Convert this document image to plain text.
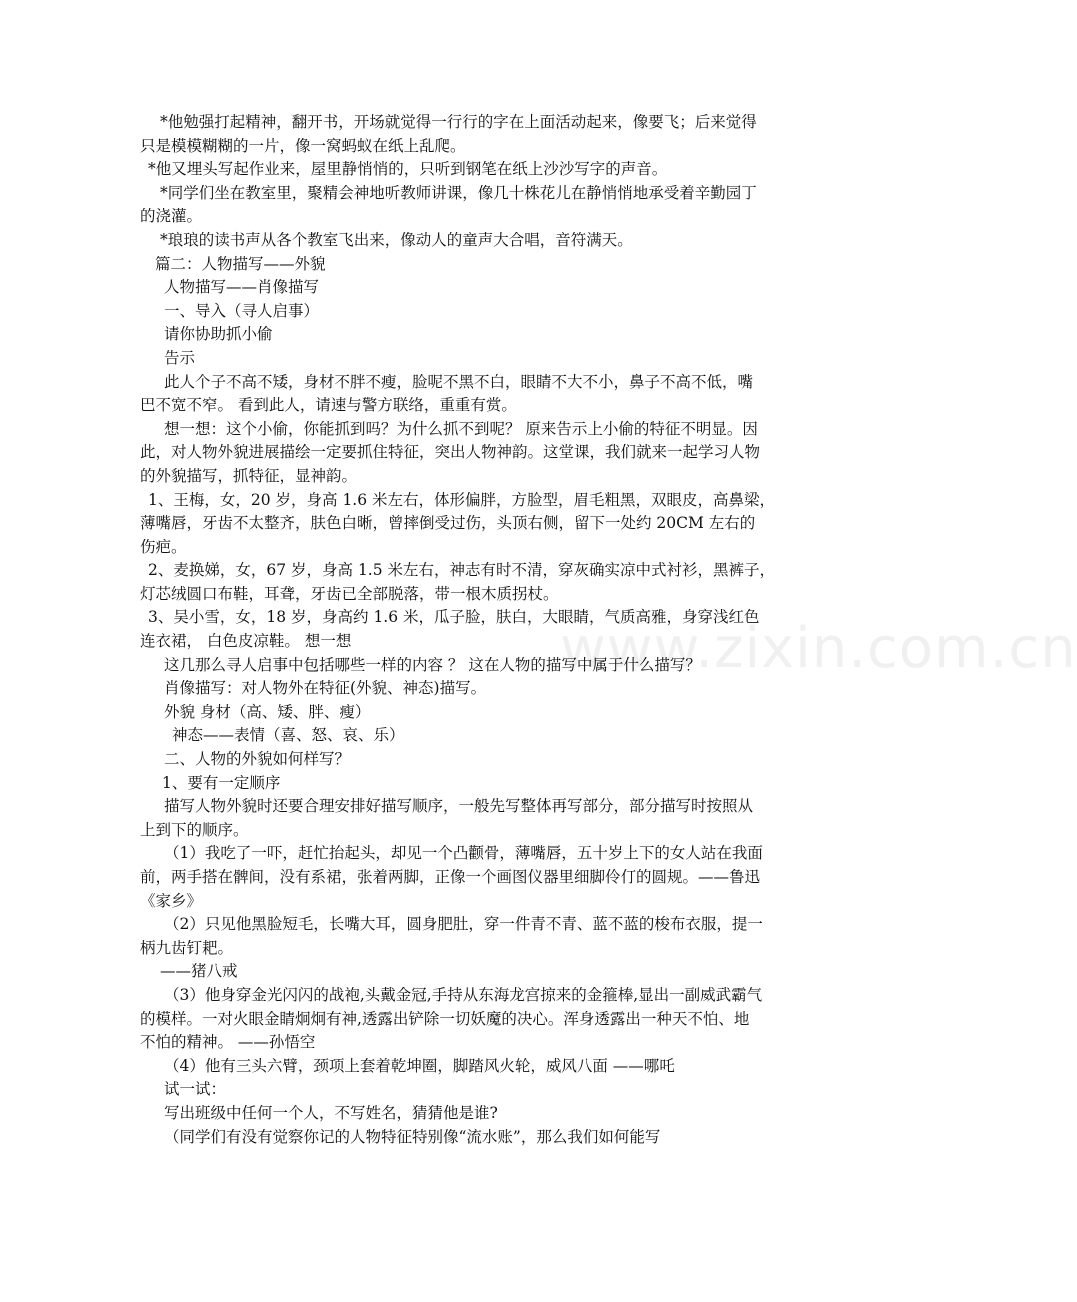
www.zixin.com.cn
*他勉强打起精神，翻开书，开场就觉得一行行的字在上面活动起来，像要飞；后来觉得
只是模模糊糊的一片，像一窝蚂蚁在纸上乱爬。
*他又埋头写起作业来，屋里静悄悄的，只听到钢笔在纸上沙沙写字的声音。
*同学们坐在教室里，聚精会神地听教师讲课，像几十株花儿在静悄悄地承受着辛勤园丁
的浇灌。
*琅琅的读书声从各个教室飞出来，像动人的童声大合唱，音符满天。
篇二：人物描写——外貌
人物描写——肖像描写
一、导入（寻人启事）
请你协助抓小偷
告示
此人个子不高不矮，身材不胖不瘦，脸呢不黑不白，眼睛不大不小，鼻子不高不低，嘴
巴不宽不窄。 看到此人，请速与警方联络，重重有赏。
想一想：这个小偷，你能抓到吗？为什么抓不到呢？ 原来告示上小偷的特征不明显。因
此，对人物外貌进展描绘一定要抓住特征，突出人物神韵。这堂课，我们就来一起学习人物
的外貌描写，抓特征，显神韵。
1、王梅，女，20 岁，身高 1.6 米左右，体形偏胖，方脸型，眉毛粗黑，双眼皮，高鼻梁，
薄嘴唇，牙齿不太整齐，肤色白晰，曾摔倒受过伤，头顶右侧，留下一处约 20CM 左右的
伤疤。
2、麦换娣，女，67 岁，身高 1.5 米左右，神志有时不清，穿灰确实凉中式衬衫，黑裤子，
灯芯绒圆口布鞋，耳聋，牙齿已全部脱落，带一根木质拐杖。
3、吴小雪，女，18 岁，身高约 1.6 米，瓜子脸，肤白，大眼睛，气质高雅，身穿浅红色
连衣裙， 白色皮凉鞋。 想一想
这几那么寻人启事中包括哪些一样的内容 ？ 这在人物的描写中属于什么描写？
肖像描写：对人物外在特征(外貌、神态)描写。
外貌 身材（高、矮、胖、瘦）
神态——表情（喜、怒、哀、乐）
二、人物的外貌如何样写？
1、要有一定顺序
描写人物外貌时还要合理安排好描写顺序，一般先写整体再写部分，部分描写时按照从
上到下的顺序。
（1）我吃了一吓，赶忙抬起头，却见一个凸颧骨，薄嘴唇，五十岁上下的女人站在我面
前，两手搭在髀间，没有系裙，张着两脚，正像一个画图仪器里细脚伶仃的圆规。——鲁迅
《家乡》
（2）只见他黑脸短毛，长嘴大耳，圆身肥肚，穿一件青不青、蓝不蓝的梭布衣服，提一
柄九齿钉耙。
——猪八戒
（3）他身穿金光闪闪的战袍,头戴金冠,手持从东海龙宫掠来的金箍棒,显出一副威武霸气
的模样。一对火眼金睛炯炯有神,透露出铲除一切妖魔的决心。浑身透露出一种天不怕、地
不怕的精神。 ——孙悟空
（4）他有三头六臂，颈项上套着乾坤圈，脚踏风火轮，威风八面 ——哪吒
试一试：
写出班级中任何一个人，不写姓名，猜猜他是谁?
（同学们有没有觉察你记的人物特征特别像“流水账”，那么我们如何能写
